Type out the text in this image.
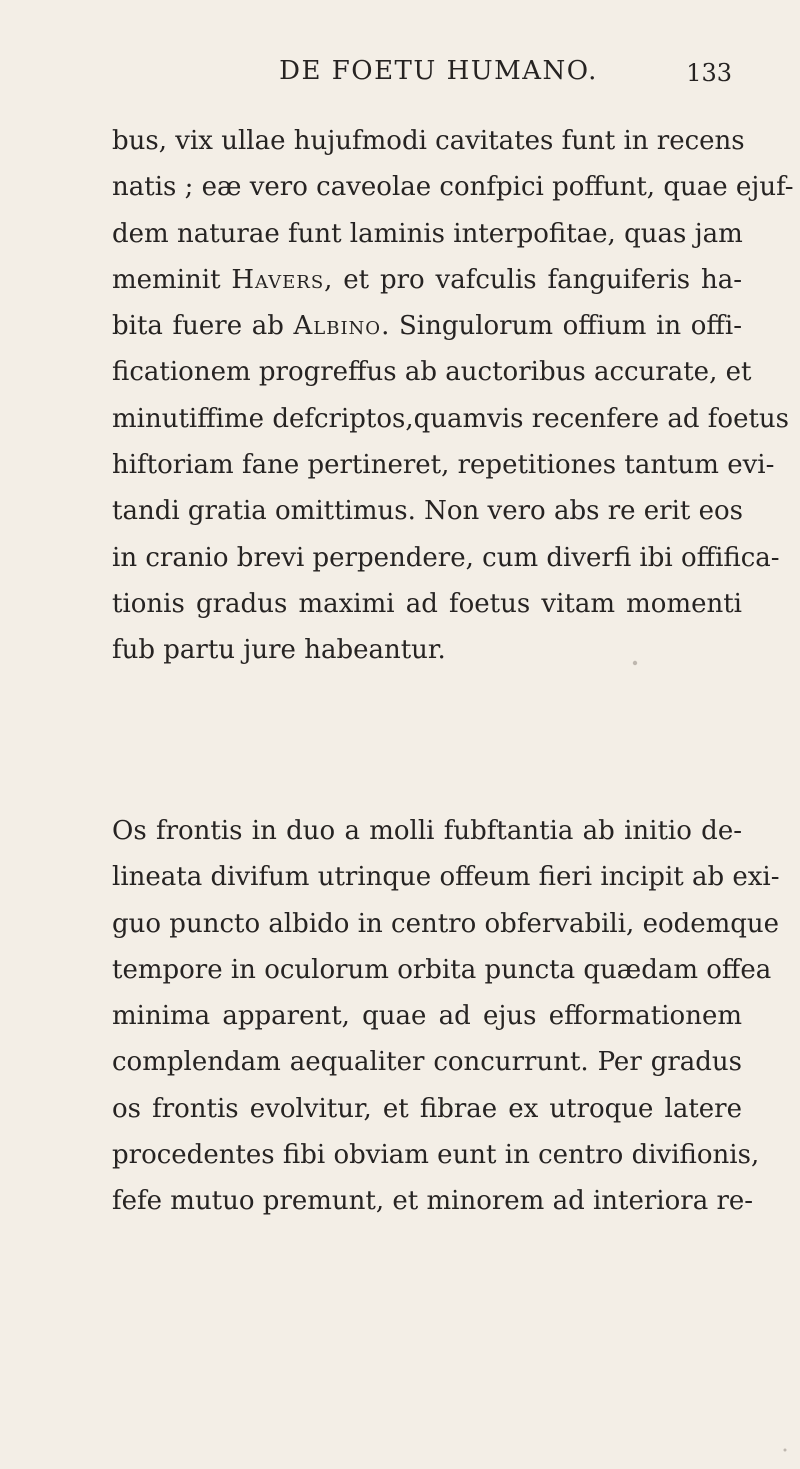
DE FOETU HUMANO.	133
bus, vix ullae hujufmodi cavitates funt in recens
natis ; eæ vero caveolae confpici poffunt, quae ejuf-
dem naturae funt laminis interpofitae, quas jam
meminit Havers, et pro vafculis fanguiferis ha-
bita fuere ab Albino. Singulorum offium in offi-
ficationem progreffus ab auctoribus accurate, et
minutiffime defcriptos,quamvis recenfere ad foetus
hiftoriam fane pertineret, repetitiones tantum evi-
tandi gratia omittimus. Non vero abs re erit eos
in cranio brevi perpendere, cum diverfi ibi offifica-
tionis gradus maximi ad foetus vitam momenti
fub partu jure habeantur.
Os frontis in duo a molli fubftantia ab initio de-
lineata divifum utrinque offeum fieri incipit ab exi-
guo puncto albido in centro obfervabili, eodemque
tempore in oculorum orbita puncta quædam offea
minima apparent, quae ad ejus efformationem
complendam aequaliter concurrunt. Per gradus
os frontis evolvitur, et fibrae ex utroque latere
procedentes fibi obviam eunt in centro divifionis,
fefe mutuo premunt, et minorem ad interiora re-
